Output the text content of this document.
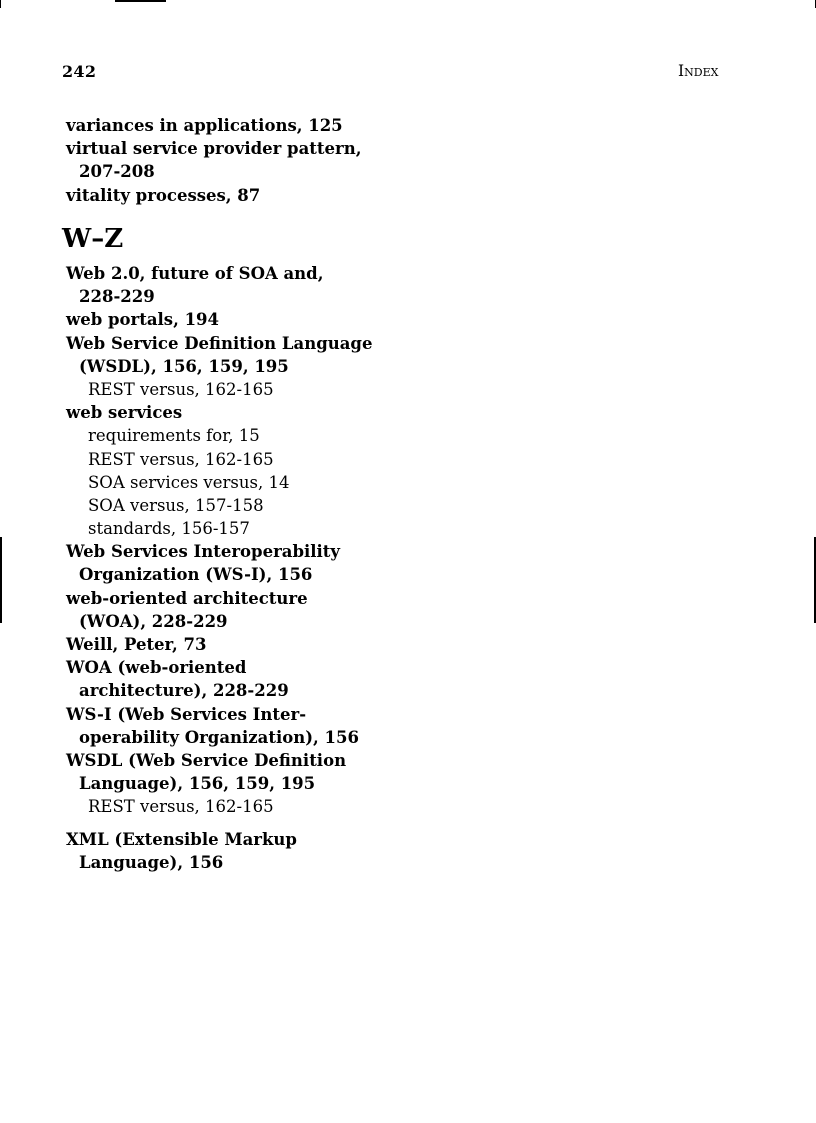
242	Index
variances in applications, 125
virtual service provider pattern,
207-208
vitality processes, 87
W–Z
Web 2.0, future of SOA and,
228-229
web portals, 194
Web Service Definition Language
(WSDL), 156, 159, 195
REST versus, 162-165
web services
requirements for, 15
REST versus, 162-165
SOA services versus, 14
SOA versus, 157-158
standards, 156-157
Web Services Interoperability
Organization (WS-I), 156
web-oriented architecture
(WOA), 228-229
Weill, Peter, 73
WOA (web-oriented
architecture), 228-229
WS-I (Web Services Inter-
operability Organization), 156
WSDL (Web Service Definition
Language), 156, 159, 195
REST versus, 162-165
XML (Extensible Markup
Language), 156
